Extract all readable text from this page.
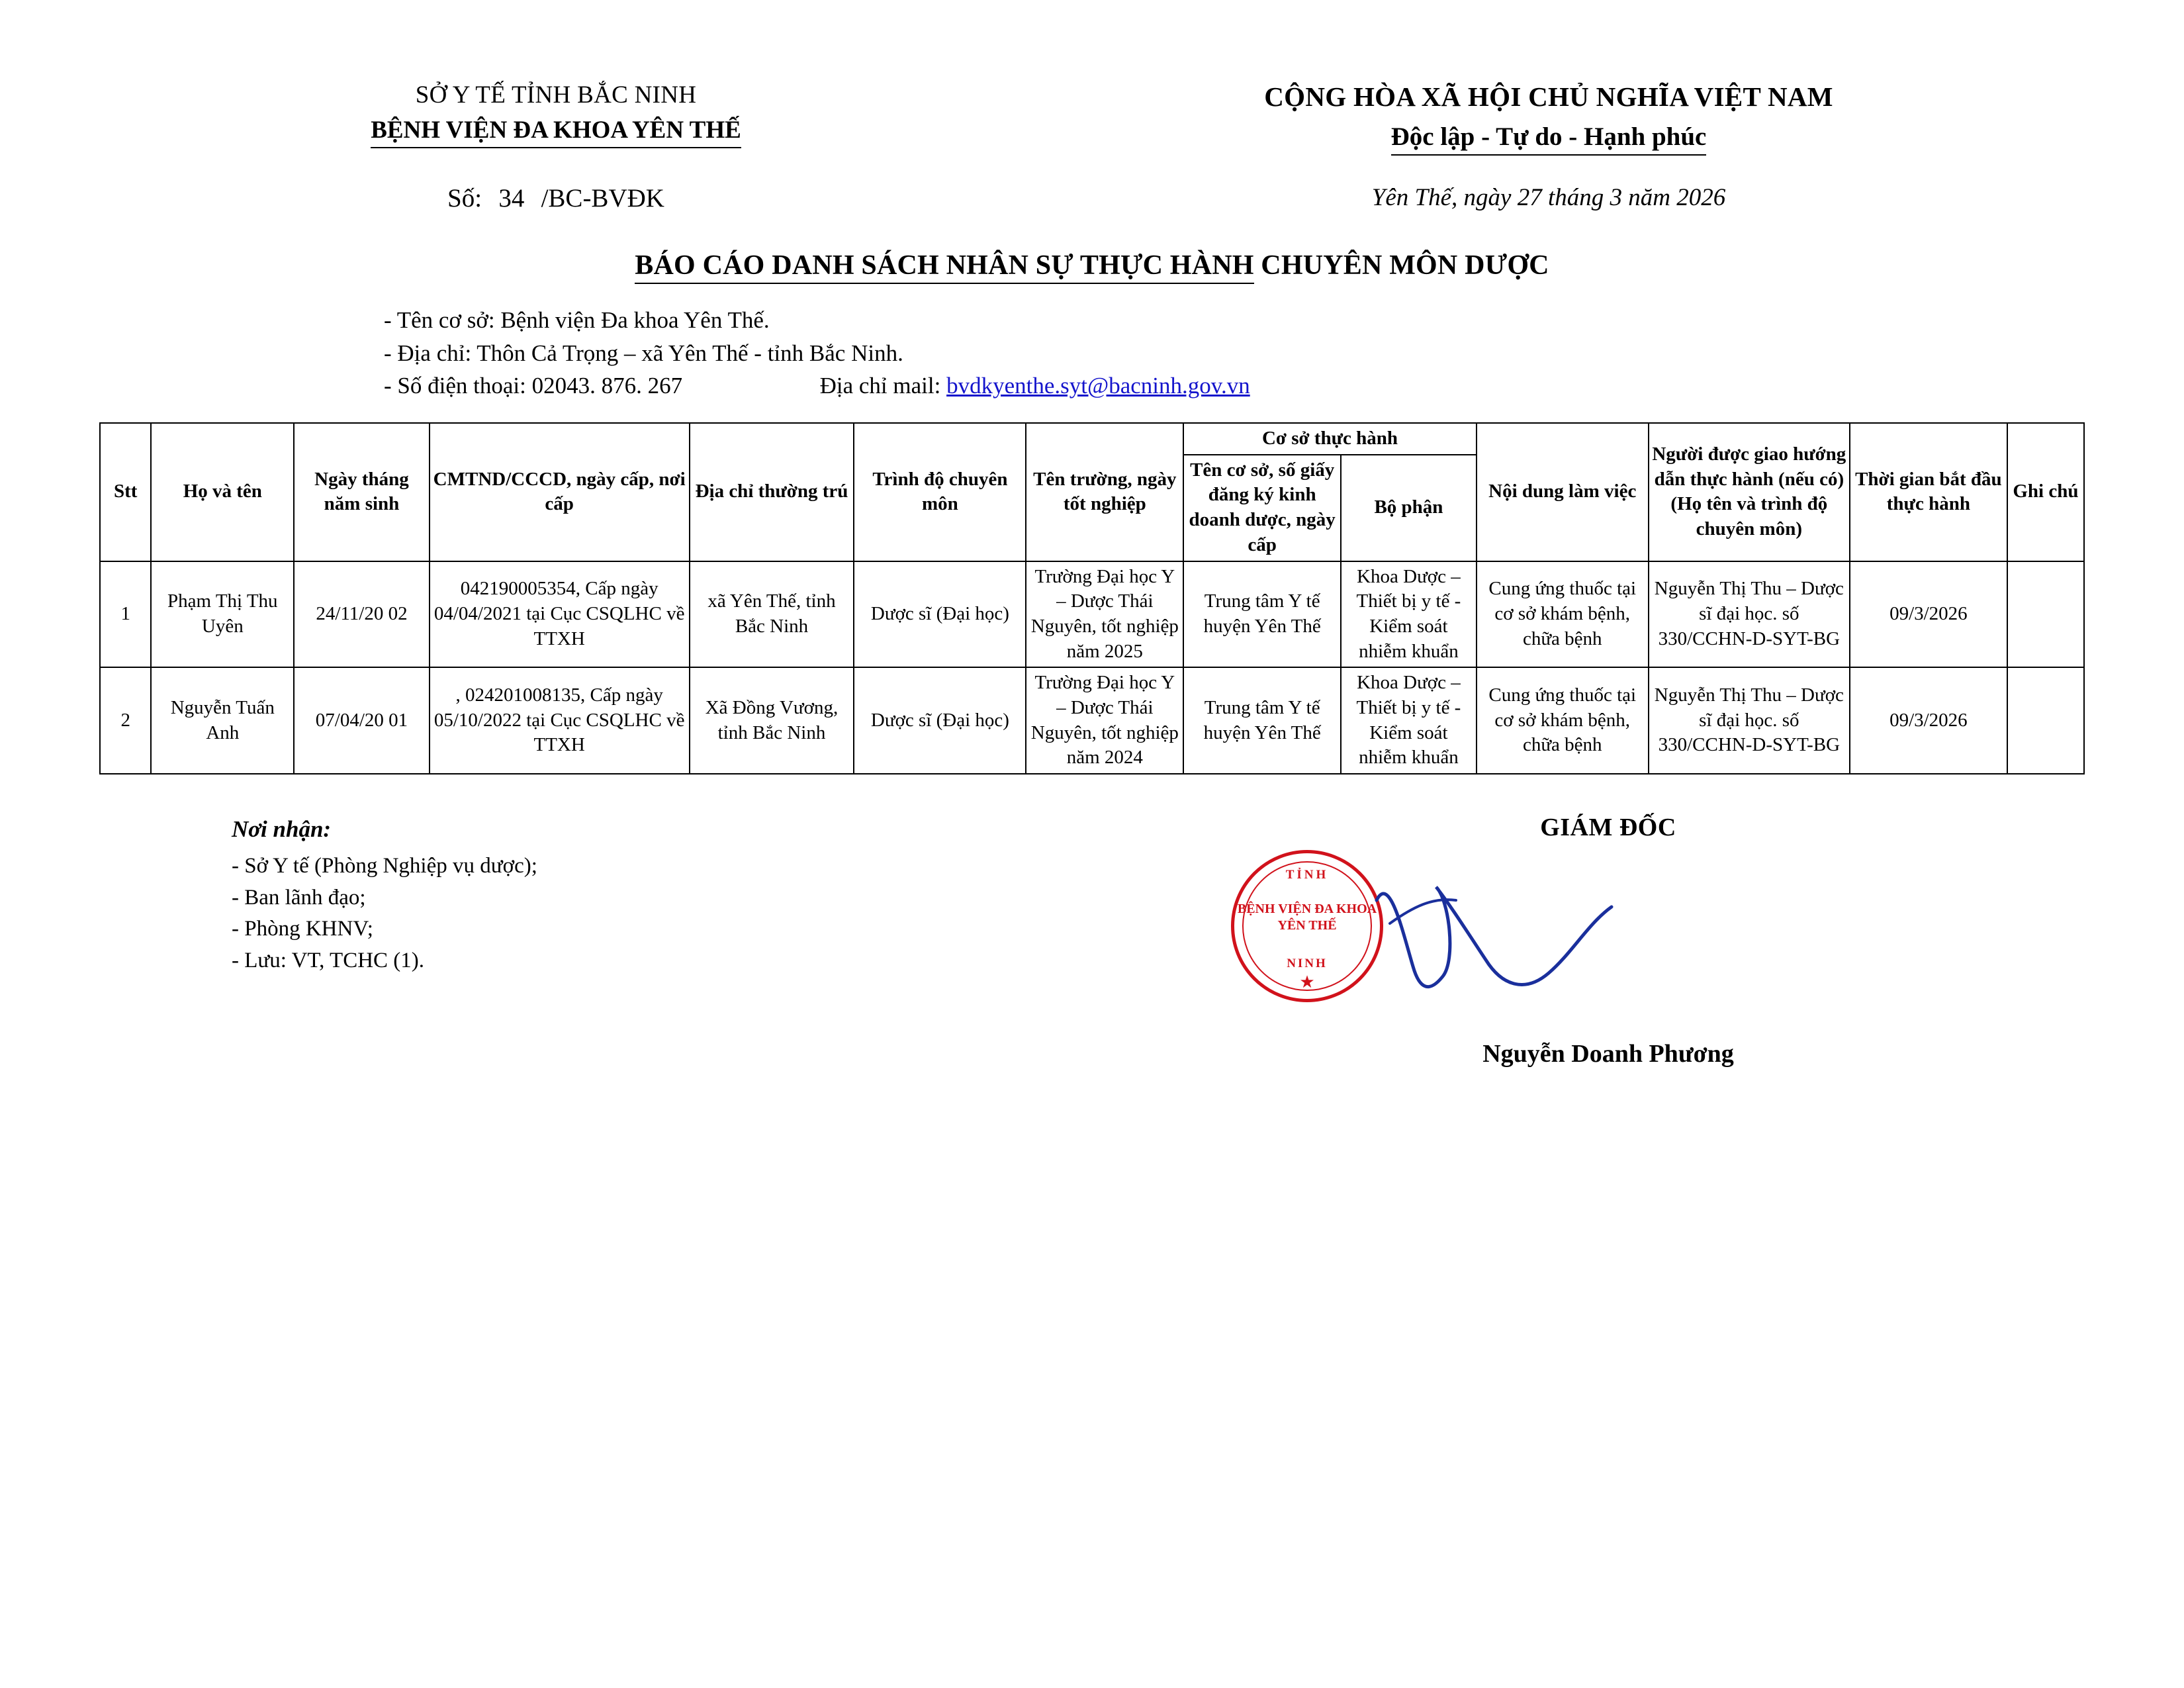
SỞ Y TẾ TỈNH BẮC NINH
BỆNH VIỆN ĐA KHOA YÊN THẾ
CỘNG HÒA XÃ HỘI CHỦ NGHĨA VIỆT NAM
Độc lập - Tự do - Hạnh phúc
Số: 34 /BC-BVĐK	Yên Thế, ngày 27 tháng 3 năm 2026
BÁO CÁO DANH SÁCH NHÂN SỰ THỰC HÀNH CHUYÊN MÔN DƯỢC
- Tên cơ sở: Bệnh viện Đa khoa Yên Thế.
- Địa chỉ: Thôn Cả Trọng – xã Yên Thế - tỉnh Bắc Ninh.
- Số điện thoại: 02043. 876. 267	Địa chỉ mail: bvdkyenthe.syt@bacninh.gov.vn
Stt	Họ và tên	Ngày tháng năm sinh	CMTND/CCCD, ngày cấp, nơi cấp	Địa chỉ thường trú	Trình độ chuyên môn	Tên trường, ngày tốt nghiệp	Cơ sở thực hành		Nội dung làm việc	Người được giao hướng dẫn thực hành (nếu có) (Họ tên và trình độ chuyên môn)	Thời gian bắt đầu thực hành	Ghi chú
							Tên cơ sở, số giấy đăng ký kinh doanh dược, ngày cấp	Bộ phận				
1	Phạm Thị Thu Uyên	24/11/20 02	042190005354, Cấp ngày 04/04/2021 tại Cục CSQLHC về TTXH	xã Yên Thế, tỉnh Bắc Ninh	Dược sĩ (Đại học)	Trường Đại học Y – Dược Thái Nguyên, tốt nghiệp năm 2025	Trung tâm Y tế huyện Yên Thế	Khoa Dược – Thiết bị y tế - Kiểm soát nhiễm khuẩn	Cung ứng thuốc tại cơ sở khám bệnh, chữa bệnh	Nguyễn Thị Thu – Dược sĩ đại học. số 330/CCHN-D-SYT-BG	09/3/2026	
2	Nguyễn Tuấn Anh	07/04/20 01	, 024201008135, Cấp ngày 05/10/2022 tại Cục CSQLHC về TTXH	Xã Đồng Vương, tỉnh Bắc Ninh	Dược sĩ (Đại học)	Trường Đại học Y – Dược Thái Nguyên, tốt nghiệp năm 2024	Trung tâm Y tế huyện Yên Thế	Khoa Dược – Thiết bị y tế - Kiểm soát nhiễm khuẩn	Cung ứng thuốc tại cơ sở khám bệnh, chữa bệnh	Nguyễn Thị Thu – Dược sĩ đại học. số 330/CCHN-D-SYT-BG	09/3/2026	
Nơi nhận:
- Sở Y tế (Phòng Nghiệp vụ dược);
- Ban lãnh đạo;
- Phòng KHNV;
- Lưu: VT, TCHC (1).
GIÁM ĐỐC
TỈNH
BỆNH VIỆN ĐA KHOA YÊN THẾ
NINH
★
Nguyễn Doanh Phương
